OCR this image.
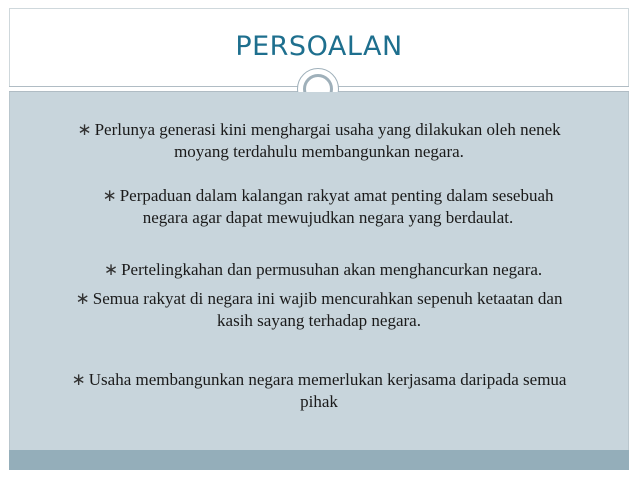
PERSOALAN
∗ Perlunya generasi kini menghargai usaha yang dilakukan oleh nenek
moyang terdahulu membangunkan negara.
∗ Perpaduan dalam kalangan rakyat amat penting dalam sesebuah
negara agar dapat mewujudkan negara yang berdaulat.
∗ Pertelingkahan dan permusuhan akan menghancurkan negara.
∗ Semua rakyat di negara ini wajib mencurahkan sepenuh ketaatan dan
kasih sayang terhadap negara.
∗ Usaha membangunkan negara memerlukan kerjasama daripada semua
pihak
